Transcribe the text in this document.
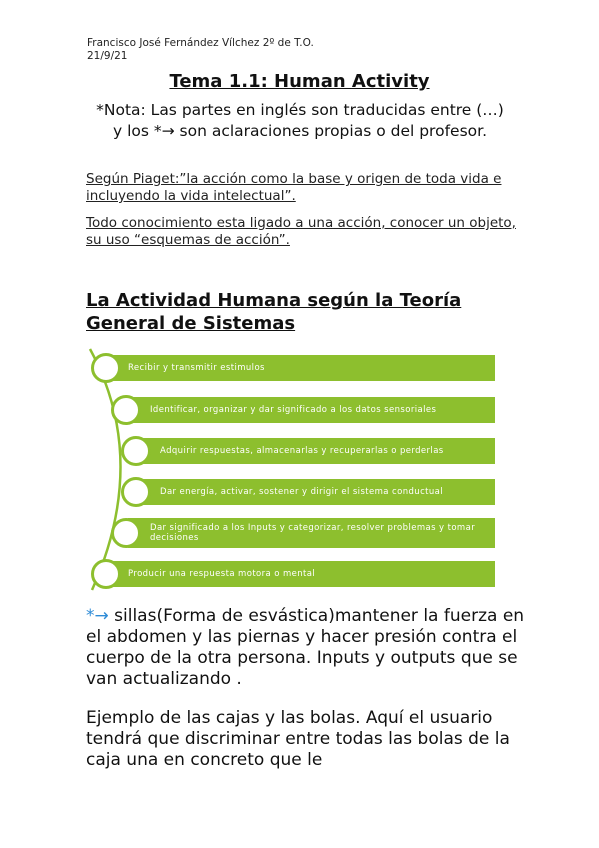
Francisco José Fernández Vílchez 2º de T.O.
21/9/21
Tema 1.1: Human Activity
*Nota: Las partes en inglés son traducidas entre (…) y los *→ son aclaraciones propias o del profesor.
Según Piaget:”la acción como la base y origen de toda vida e incluyendo la vida intelectual”.
Todo conocimiento esta ligado a una acción, conocer un objeto, su uso “esquemas de acción”.
La Actividad Humana según la Teoría General de Sistemas
Recibir y transmitir estimulos
Identificar, organizar y dar significado a los datos sensoriales
Adquirir respuestas, almacenarlas y recuperarlas o perderlas
Dar energía, activar, sostener y dirigir el sistema conductual
Dar significado a los Inputs y categorizar, resolver problemas y tomar decisiones
Producir una respuesta motora o mental
*→ sillas(Forma de esvástica)mantener la fuerza en el abdomen y las piernas y hacer presión contra el cuerpo de la otra persona. Inputs y outputs que se van actualizando .
Ejemplo de las cajas y las bolas. Aquí el usuario tendrá que discriminar entre todas las bolas de la caja una en concreto que le
